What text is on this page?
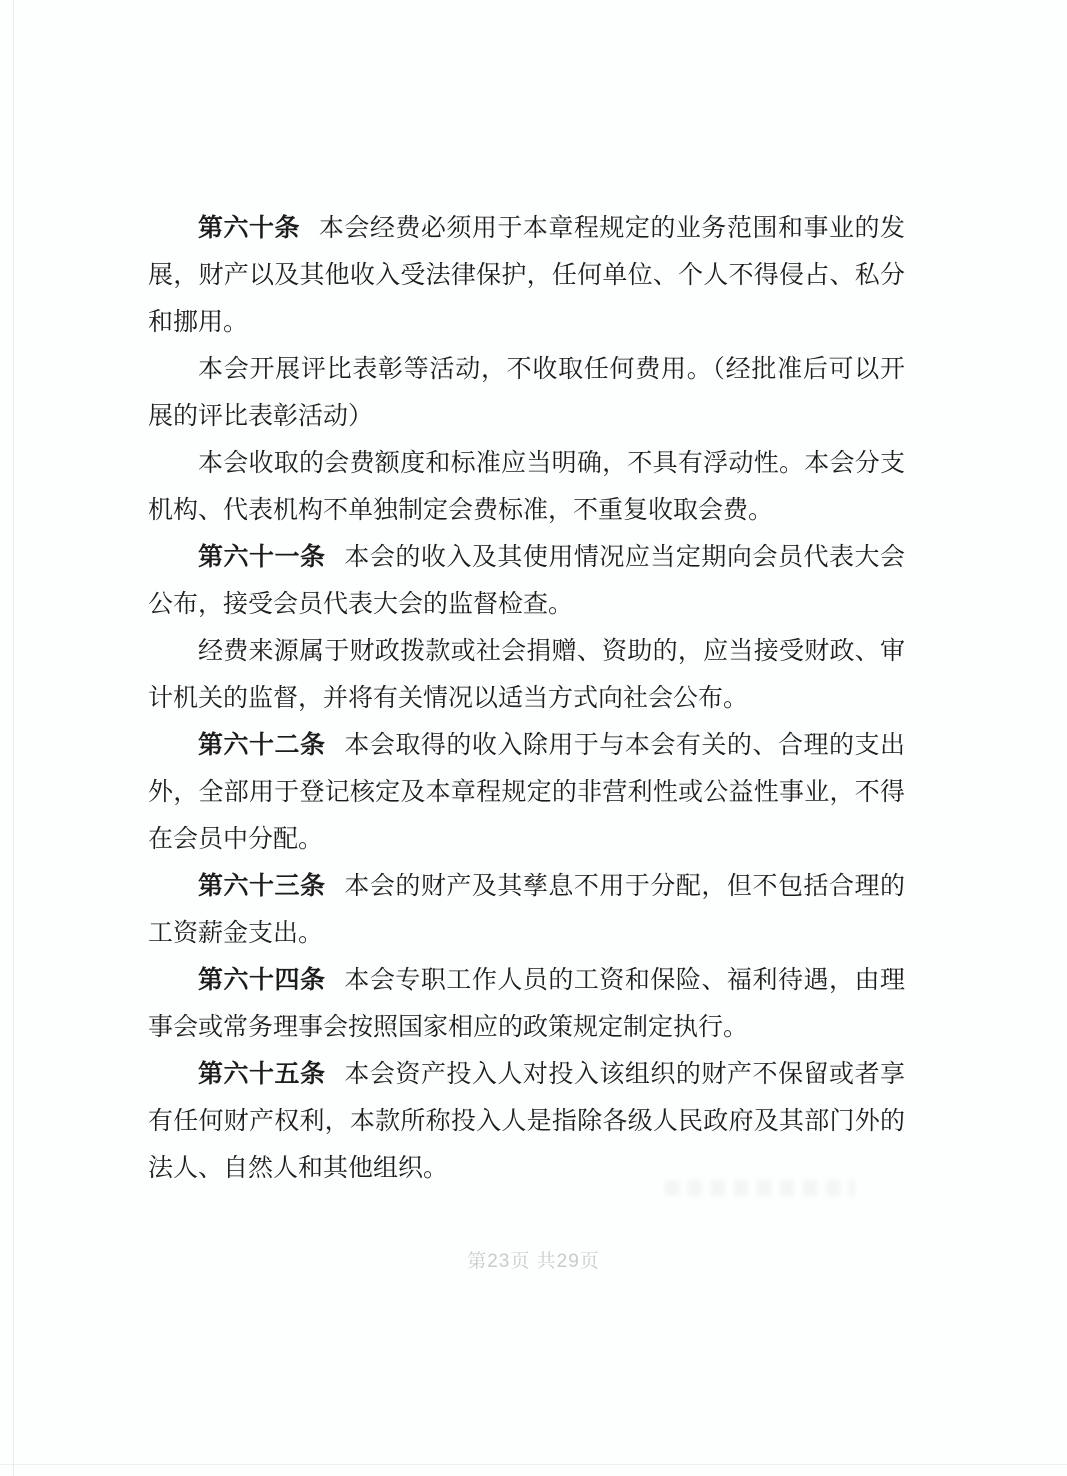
第六十条 本会经费必须用于本章程规定的业务范围和事业的发展，财产以及其他收入受法律保护，任何单位、个人不得侵占、私分和挪用。

本会开展评比表彰等活动，不收取任何费用。（经批准后可以开展的评比表彰活动）

本会收取的会费额度和标准应当明确，不具有浮动性。本会分支机构、代表机构不单独制定会费标准，不重复收取会费。

第六十一条 本会的收入及其使用情况应当定期向会员代表大会公布，接受会员代表大会的监督检查。

经费来源属于财政拨款或社会捐赠、资助的，应当接受财政、审计机关的监督，并将有关情况以适当方式向社会公布。

第六十二条 本会取得的收入除用于与本会有关的、合理的支出外，全部用于登记核定及本章程规定的非营利性或公益性事业，不得在会员中分配。

第六十三条 本会的财产及其孳息不用于分配，但不包括合理的工资薪金支出。

第六十四条 本会专职工作人员的工资和保险、福利待遇，由理事会或常务理事会按照国家相应的政策规定制定执行。

第六十五条 本会资产投入人对投入该组织的财产不保留或者享有任何财产权利，本款所称投入人是指除各级人民政府及其部门外的法人、自然人和其他组织。

第23页 共29页
